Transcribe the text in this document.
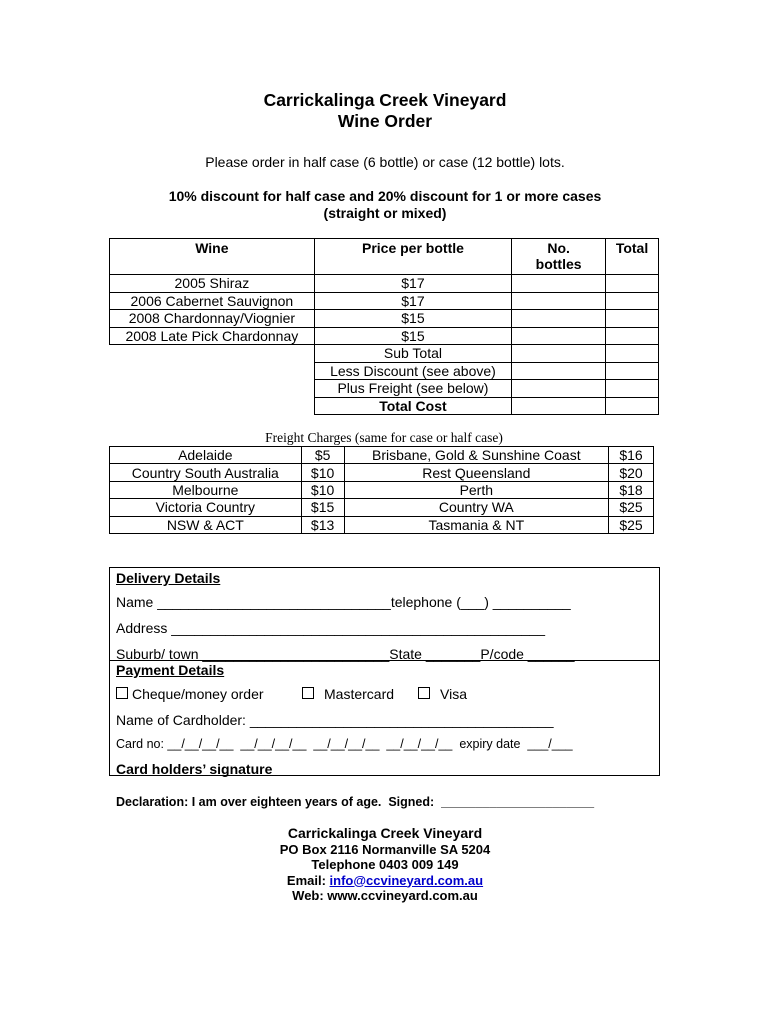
Carrickalinga Creek Vineyard
Wine Order
Please order in half case (6 bottle) or case (12 bottle) lots.
10% discount for half case and 20% discount for 1 or more cases
(straight or mixed)
Wine	Price per bottle	No. bottles	Total
2005 Shiraz	$17		
2006 Cabernet Sauvignon	$17		
2008 Chardonnay/Viognier	$15		
2008 Late Pick Chardonnay	$15		
	Sub Total		
	Less Discount (see above)		
	Plus Freight (see below)		
	Total Cost		
Freight Charges (same for case or half case)
Adelaide	$5	Brisbane, Gold & Sunshine Coast	$16
Country South Australia	$10	Rest Queensland	$20
Melbourne	$10	Perth	$18
Victoria Country	$15	Country WA	$25
NSW & ACT	$13	Tasmania & NT	$25
Delivery Details
Name ______________________________telephone (___) __________
Address ________________________________________________
Suburb/ town ________________________State _______P/code ______
Payment Details
Cheque/money order	Mastercard	Visa
Name of Cardholder: _______________________________________
Card no: __/__/__/__  __/__/__/__  __/__/__/__  __/__/__/__  expiry date  ___/___
Card holders’ signature ________________________________
Declaration: I am over eighteen years of age.  Signed:  ______________________
Carrickalinga Creek Vineyard
PO Box 2116 Normanville SA 5204
Telephone 0403 009 149
Email: info@ccvineyard.com.au
Web: www.ccvineyard.com.au
